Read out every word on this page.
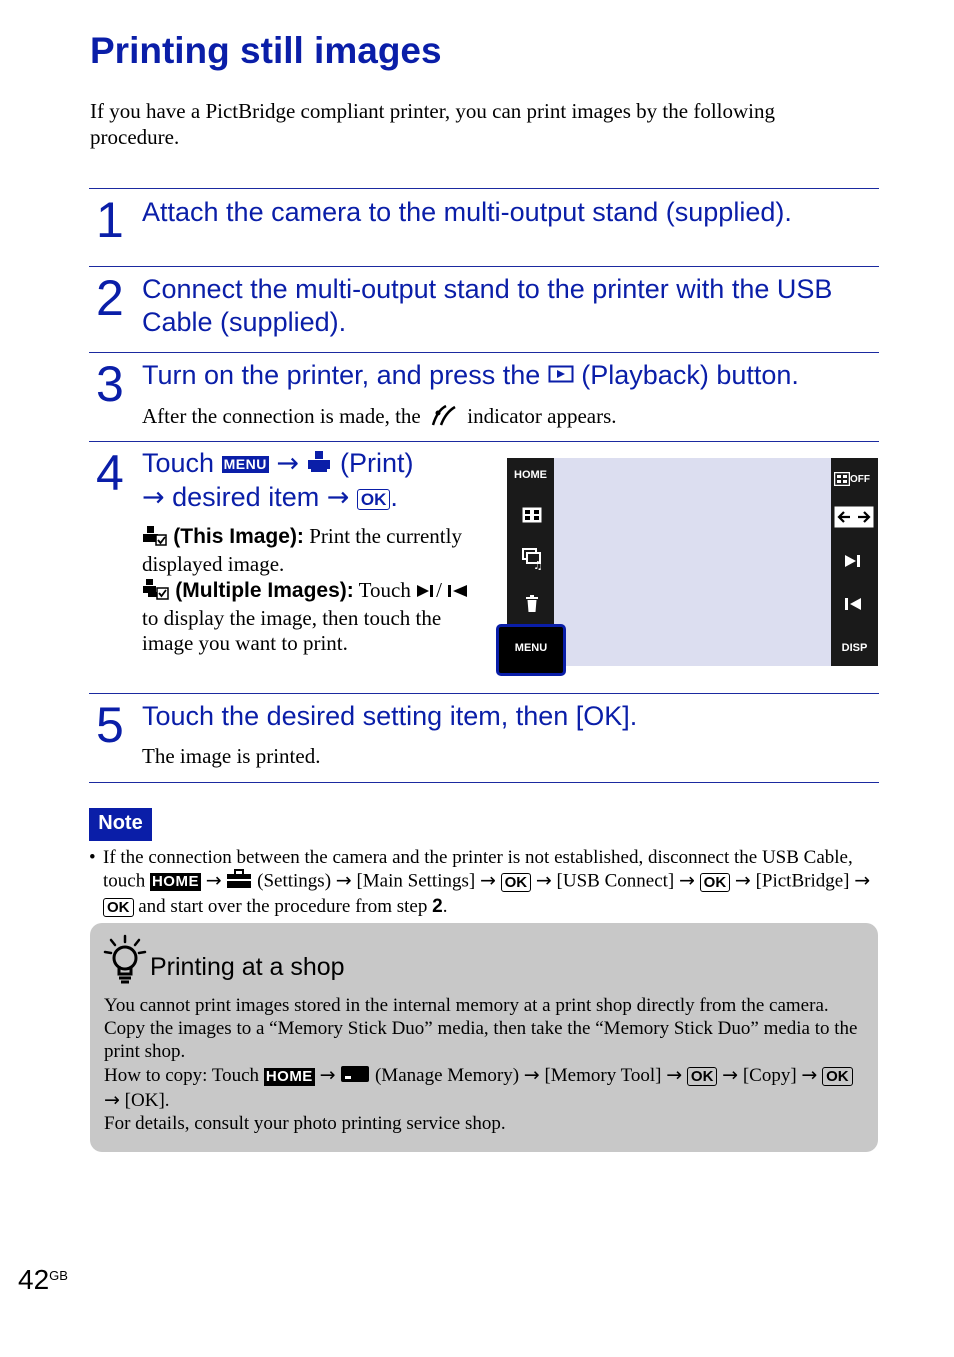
Printing still images

If you have a PictBridge compliant printer, you can print images by the following procedure.

1 Attach the camera to the multi-output stand (supplied).
2 Connect the multi-output stand to the printer with the USB Cable (supplied).
3 Turn on the printer, and press the (Playback) button.
After the connection is made, the indicator appears.
4 Touch MENU → (Print)
→ desired item → OK .
(This Image): Print the currently displayed image.
(Multiple Images): Touch /  to display the image, then touch the image you want to print.
HOME
♫
OFF
DISP
MENU
5 Touch the desired setting item, then [OK].
The image is printed.
Note
• If the connection between the camera and the printer is not established, disconnect the USB Cable, touch HOME → (Settings) → [Main Settings] → OK → [USB Connect] → OK → [PictBridge] → OK and start over the procedure from step 2.
Printing at a shop

You cannot print images stored in the internal memory at a print shop directly from the camera. Copy the images to a “Memory Stick Duo” media, then take the “Memory Stick Duo” media to the print shop.

How to copy: Touch HOME → (Manage Memory) → [Memory Tool] → OK → [Copy] → OK → [OK].

For details, consult your photo printing service shop.

$42^{GB}$
